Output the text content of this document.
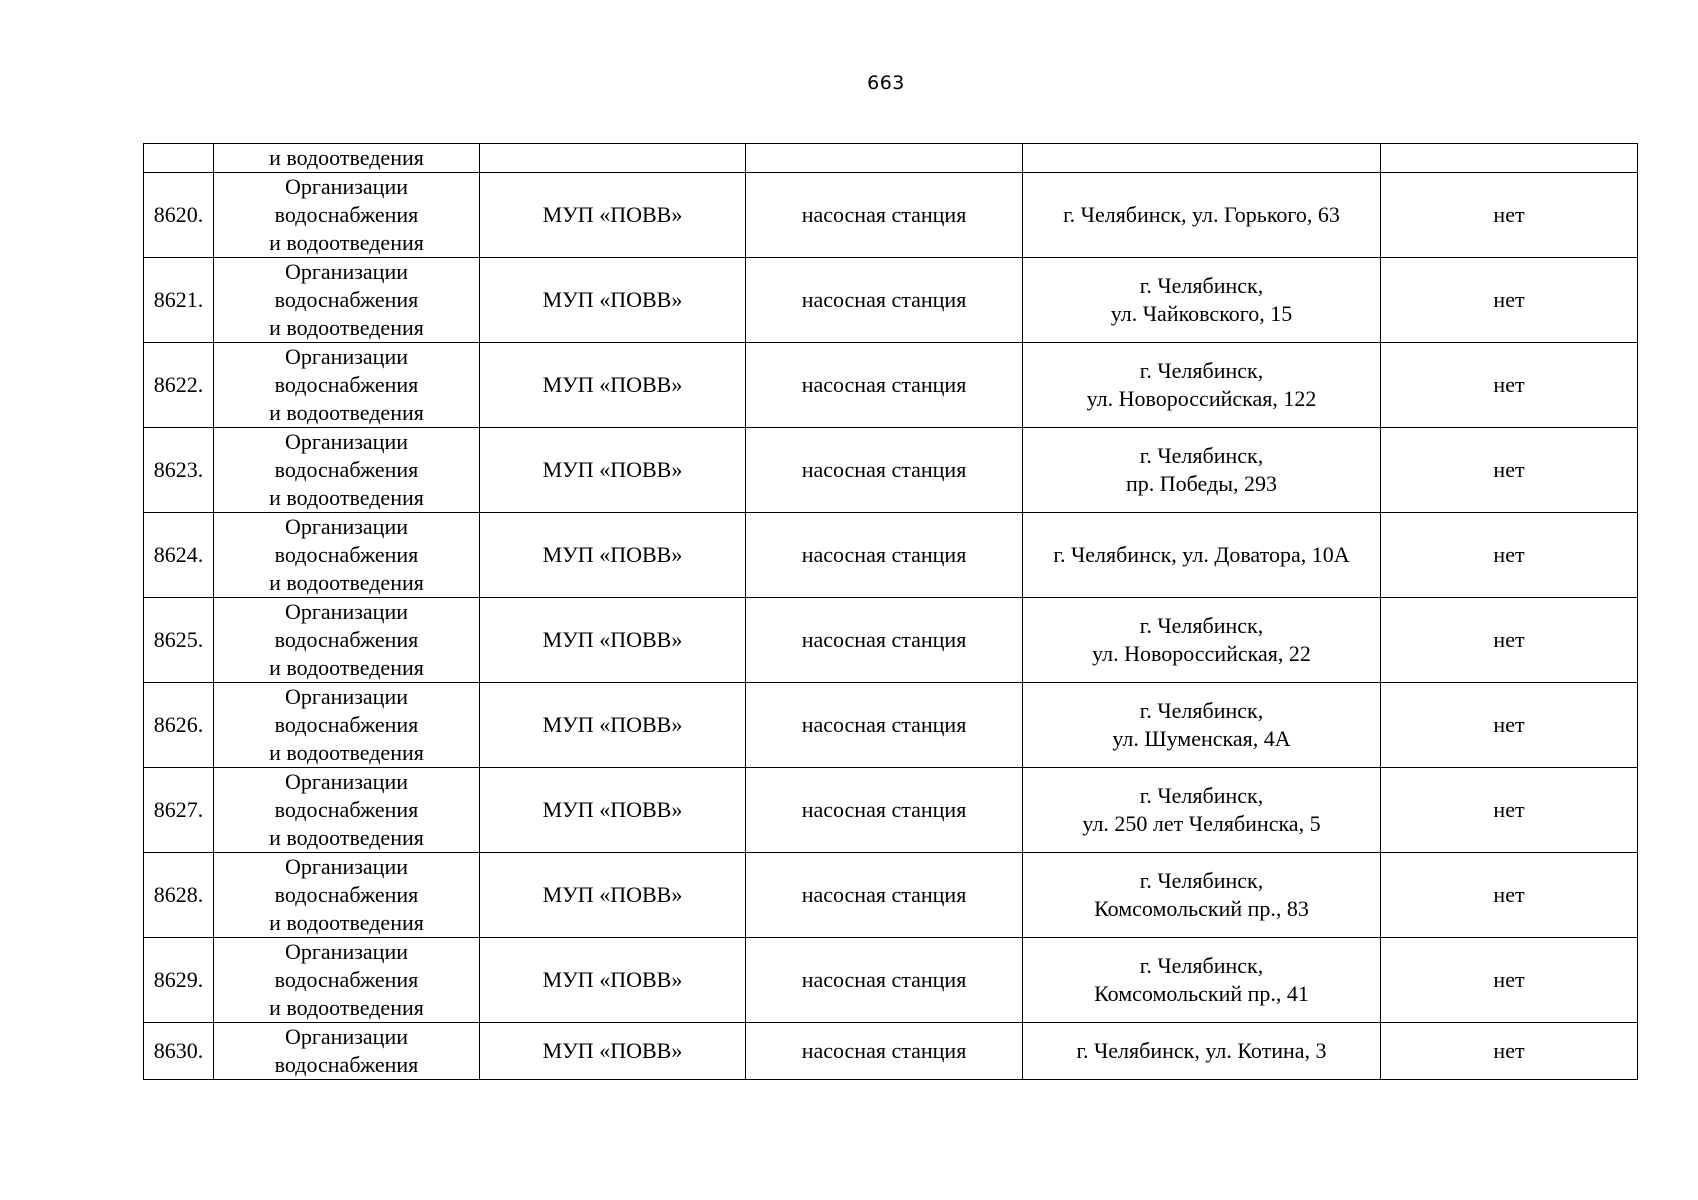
663
	и водоотведения				
8620.	Организации
водоснабжения
и водоотведения	МУП «ПОВВ»	насосная станция	г. Челябинск, ул. Горького, 63	нет
8621.	Организации
водоснабжения
и водоотведения	МУП «ПОВВ»	насосная станция	г. Челябинск,
ул. Чайковского, 15	нет
8622.	Организации
водоснабжения
и водоотведения	МУП «ПОВВ»	насосная станция	г. Челябинск,
ул. Новороссийская, 122	нет
8623.	Организации
водоснабжения
и водоотведения	МУП «ПОВВ»	насосная станция	г. Челябинск,
пр. Победы, 293	нет
8624.	Организации
водоснабжения
и водоотведения	МУП «ПОВВ»	насосная станция	г. Челябинск, ул. Доватора, 10А	нет
8625.	Организации
водоснабжения
и водоотведения	МУП «ПОВВ»	насосная станция	г. Челябинск,
ул. Новороссийская, 22	нет
8626.	Организации
водоснабжения
и водоотведения	МУП «ПОВВ»	насосная станция	г. Челябинск,
ул. Шуменская, 4А	нет
8627.	Организации
водоснабжения
и водоотведения	МУП «ПОВВ»	насосная станция	г. Челябинск,
ул. 250 лет Челябинска, 5	нет
8628.	Организации
водоснабжения
и водоотведения	МУП «ПОВВ»	насосная станция	г. Челябинск,
Комсомольский пр., 83	нет
8629.	Организации
водоснабжения
и водоотведения	МУП «ПОВВ»	насосная станция	г. Челябинск,
Комсомольский пр., 41	нет
8630.	Организации
водоснабжения	МУП «ПОВВ»	насосная станция	г. Челябинск, ул. Котина, 3	нет
